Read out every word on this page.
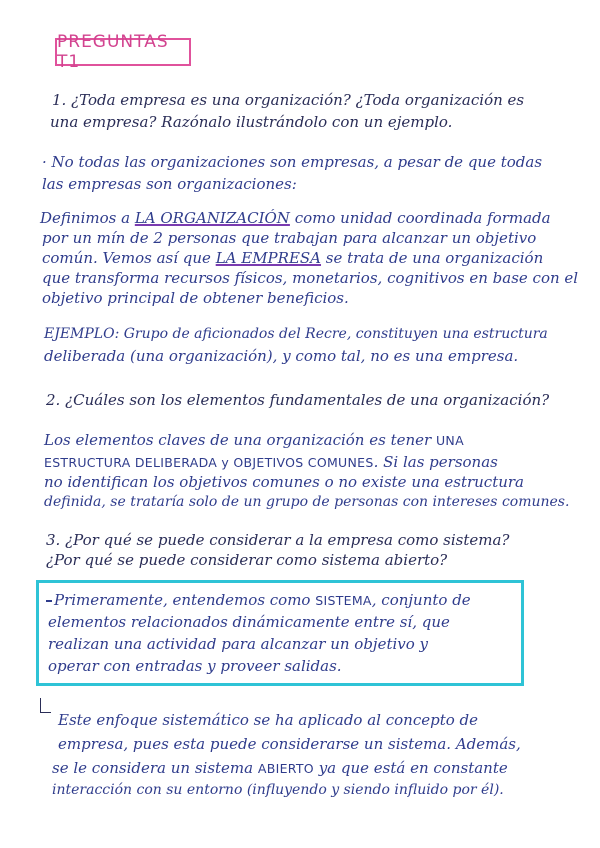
PREGUNTAS T1

1. ¿Toda empresa es una organización? ¿Toda organización es

una empresa? Razónalo ilustrándolo con un ejemplo.

· No todas las organizaciones son empresas, a pesar de que todas

las empresas son organizaciones:

Definimos a LA ORGANIZACIÓN como unidad coordinada formada

por un mín de 2 personas que trabajan para alcanzar un objetivo

común. Vemos así que LA EMPRESA se trata de una organización

que transforma recursos físicos, monetarios, cognitivos en base con el

objetivo principal de obtener beneficios.

EJEMPLO: Grupo de aficionados del Recre, constituyen una estructura

deliberada (una organización), y como tal, no es una empresa.

2. ¿Cuáles son los elementos fundamentales de una organización?

Los elementos claves de una organización es tener UNA

ESTRUCTURA DELIBERADA y OBJETIVOS COMUNES. Si las personas

no identifican los objetivos comunes o no existe una estructura

definida, se trataría solo de un grupo de personas con intereses comunes.

3. ¿Por qué se puede considerar a la empresa como sistema?

¿Por qué se puede considerar como sistema abierto?

Primeramente, entendemos como SISTEMA, conjunto de

elementos relacionados dinámicamente entre sí, que

realizan una actividad para alcanzar un objetivo y

operar con entradas y proveer salidas.

Este enfoque sistemático se ha aplicado al concepto de

empresa, pues esta puede considerarse un sistema. Además,

se le considera un sistema ABIERTO ya que está en constante

interacción con su entorno (influyendo y siendo influido por él).
